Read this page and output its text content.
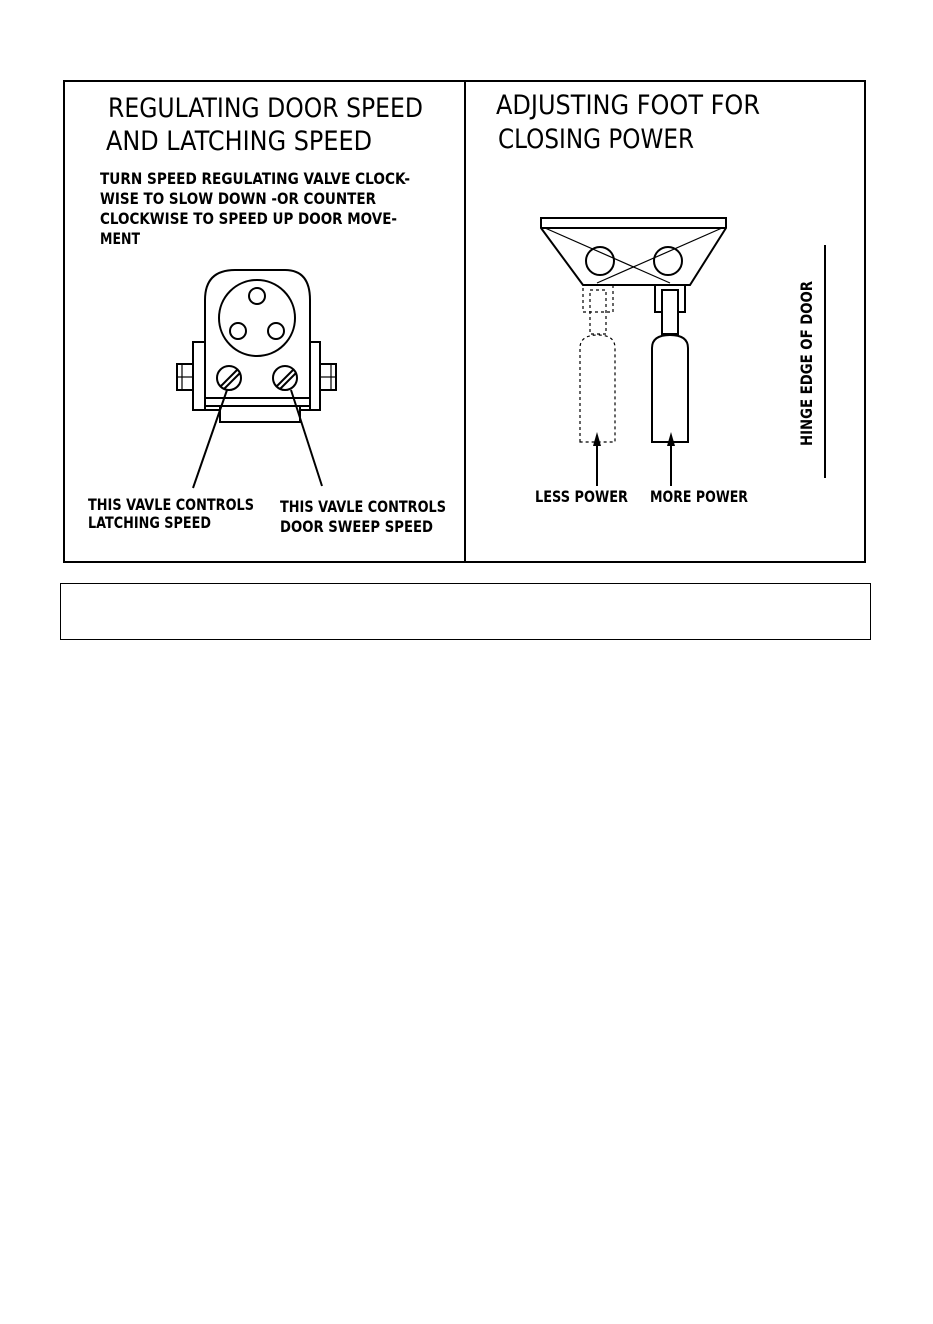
REGULATING DOOR SPEED
AND LATCHING SPEED
TURN SPEED REGULATING VALVE CLOCK-
WISE TO SLOW DOWN -OR COUNTER
CLOCKWISE TO SPEED UP DOOR MOVE-
MENT
THIS VAVLE CONTROLS
LATCHING SPEED
THIS VAVLE CONTROLS
DOOR SWEEP SPEED
ADJUSTING FOOT FOR
CLOSING POWER
LESS POWER MORE POWER
HINGE EDGE OF DOOR
